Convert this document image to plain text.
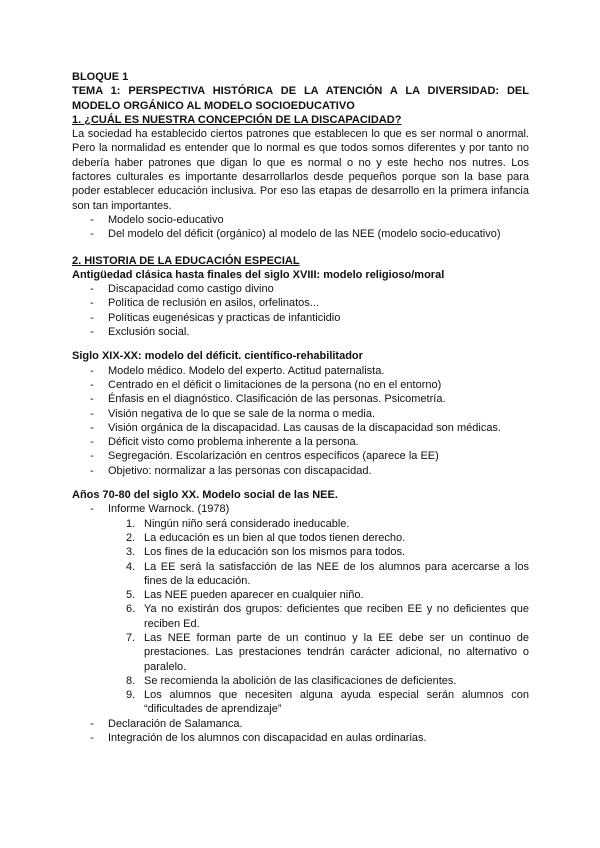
BLOQUE 1

TEMA 1: PERSPECTIVA HISTÓRICA DE LA ATENCIÓN A LA DIVERSIDAD: DEL MODELO ORGÁNICO AL MODELO SOCIOEDUCATIVO

1. ¿CUÁL ES NUESTRA CONCEPCIÓN DE LA DISCAPACIDAD?

La sociedad ha establecido ciertos patrones que establecen lo que es ser normal o anormal. Pero la normalidad es entender que lo normal es que todos somos diferentes y por tanto no debería haber patrones que digan lo que es normal o no y este hecho nos nutres. Los factores culturales es importante desarrollarlos desde pequeños porque son la base para poder establecer educación inclusiva. Por eso las etapas de desarrollo en la primera infancia son tan importantes.

- Modelo socio-educativo
- Del modelo del déficit (orgánico) al modelo de las NEE (modelo socio-educativo)
2. HISTORIA DE LA EDUCACIÓN ESPECIAL
Antigüedad clásica hasta finales del siglo XVIII: modelo religioso/moral
- Discapacidad como castigo divino
- Política de reclusión en asilos, orfelinatos...
- Políticas eugenésicas y practicas de infanticidio
- Exclusión social.
Siglo XIX-XX: modelo del déficit. científico-rehabilitador
- Modelo médico. Modelo del experto. Actitud paternalista.
- Centrado en el déficit o limitaciones de la persona (no en el entorno)
- Énfasis en el diagnóstico. Clasificación de las personas. Psicometría.
- Visión negativa de lo que se sale de la norma o media.
- Visión orgánica de la discapacidad. Las causas de la discapacidad son médicas.
- Déficit visto como problema inherente a la persona.
- Segregación. Escolarización en centros específicos (aparece la EE)
- Objetivo: normalizar a las personas con discapacidad.
Años 70-80 del siglo XX. Modelo social de las NEE.
- Informe Warnock. (1978)
1. Ningún niño será considerado ineducable.
2. La educación es un bien al que todos tienen derecho.
3. Los fines de la educación son los mismos para todos.
4. La EE será la satisfacción de las NEE de los alumnos para acercarse a los fines de la educación.
5. Las NEE pueden aparecer en cualquier niño.
6. Ya no existirán dos grupos: deficientes que reciben EE y no deficientes que reciben Ed.
7. Las NEE forman parte de un continuo y la EE debe ser un continuo de prestaciones. Las prestaciones tendrán carácter adicional, no alternativo o paralelo.
8. Se recomienda la abolición de las clasificaciones de deficientes.
9. Los alumnos que necesiten alguna ayuda especial serán alumnos con “dificultades de aprendizaje”
- Declaración de Salamanca.
- Integración de los alumnos con discapacidad en aulas ordinarias.
